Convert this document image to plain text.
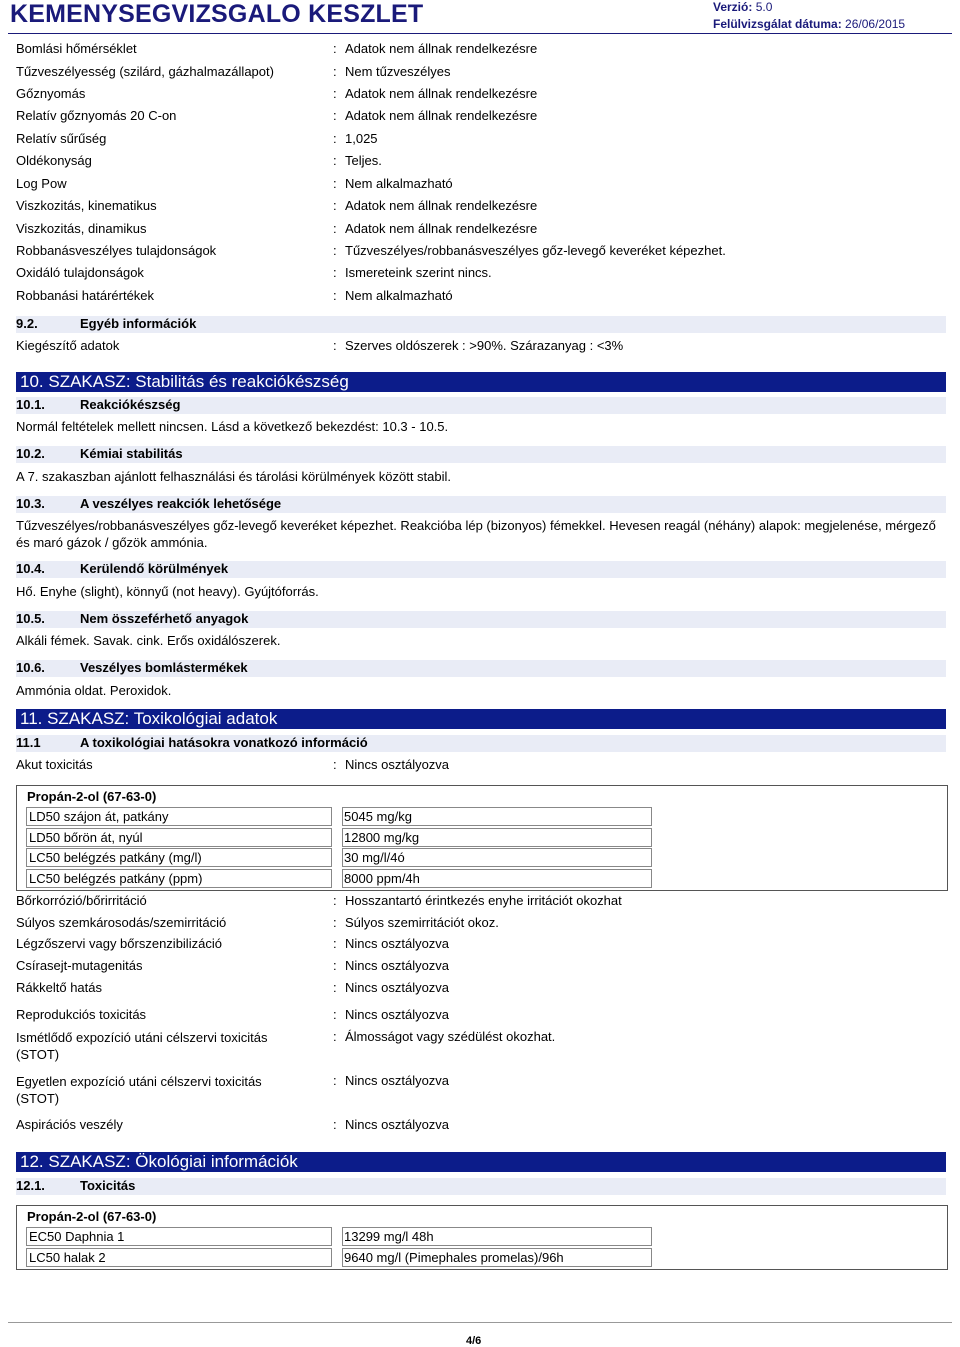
KEMENYSEGVIZSGALO KESZLET	Verzió: 5.0
Felülvizsgálat dátuma: 26/06/2015
Bomlási hőmérséklet	: Adatok nem állnak rendelkezésre
Tűzveszélyesség (szilárd, gázhalmazállapot)	: Nem tűzveszélyes
Gőznyomás	: Adatok nem állnak rendelkezésre
Relatív gőznyomás 20 C-on	: Adatok nem állnak rendelkezésre
Relatív sűrűség	: 1,025
Oldékonyság	: Teljes.
Log Pow	: Nem alkalmazható
Viszkozitás, kinematikus	: Adatok nem állnak rendelkezésre
Viszkozitás, dinamikus	: Adatok nem állnak rendelkezésre
Robbanásveszélyes tulajdonságok	: Tűzveszélyes/robbanásveszélyes gőz-levegő keveréket képezhet.
Oxidáló tulajdonságok	: Ismereteink szerint nincs.
Robbanási határértékek	: Nem alkalmazható
9.2.	Egyéb információk
Kiegészítő adatok	: Szerves oldószerek : >90%. Szárazanyag : <3%
10. SZAKASZ: Stabilitás és reakciókészség
10.1.	Reakciókészség
Normál feltételek mellett nincsen. Lásd a következő bekezdést: 10.3 - 10.5.
10.2.	Kémiai stabilitás
A 7. szakaszban ajánlott felhasználási és tárolási körülmények között stabil.
10.3.	A veszélyes reakciók lehetősége
Tűzveszélyes/robbanásveszélyes gőz-levegő keveréket képezhet. Reakcióba lép (bizonyos) fémekkel. Hevesen reagál (néhány) alapok: megjelenése, mérgező és maró gázok / gőzök ammónia.
10.4.	Kerülendő körülmények
Hő. Enyhe (slight), könnyű (not heavy). Gyújtóforrás.
10.5.	Nem összeférhető anyagok
Alkáli fémek. Savak. cink. Erős oxidálószerek.
10.6.	Veszélyes bomlástermékek
Ammónia oldat. Peroxidok.
11. SZAKASZ: Toxikológiai adatok
11.1	A toxikológiai hatásokra vonatkozó információ
Akut toxicitás	: Nincs osztályozva
Propán-2-ol (67-63-0)
LD50 szájon át, patkány	5045 mg/kg
LD50 bőrön át, nyúl	12800 mg/kg
LC50 belégzés patkány (mg/l)	30 mg/l/4ó
LC50 belégzés patkány (ppm)	8000 ppm/4h
Bőrkorrózió/bőrirritáció	: Hosszantartó érintkezés enyhe irritációt okozhat
Súlyos szemkárosodás/szemirritáció	: Súlyos szemirritációt okoz.
Légzőszervi vagy bőrszenzibilizáció	: Nincs osztályozva
Csírasejt-mutagenitás	: Nincs osztályozva
Rákkeltő hatás	: Nincs osztályozva
Reprodukciós toxicitás	: Nincs osztályozva
Ismétlődő expozíció utáni célszervi toxicitás (STOT)
: Álmosságot vagy szédülést okozhat.
Egyetlen expozíció utáni célszervi toxicitás (STOT)
: Nincs osztályozva
Aspirációs veszély	: Nincs osztályozva
12. SZAKASZ: Ökológiai információk
12.1.	Toxicitás
Propán-2-ol (67-63-0)
EC50 Daphnia 1	13299 mg/l 48h
LC50 halak 2	9640 mg/l (Pimephales promelas)/96h
4/6
